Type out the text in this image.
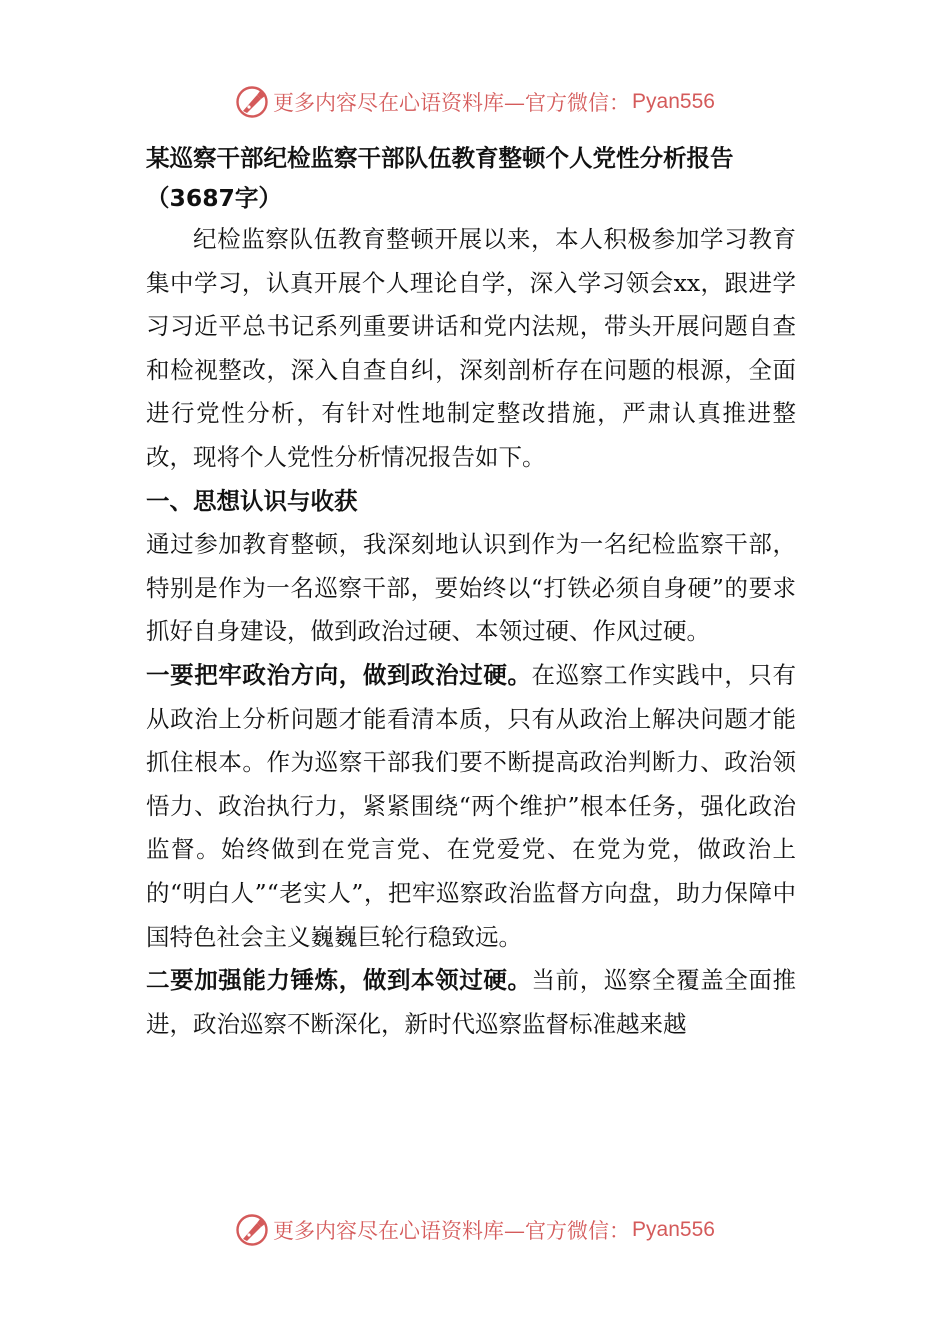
更多内容尽在心语资料库—官方微信： Pyan556
某巡察干部纪检监察干部队伍教育整顿个人党性分析报告
（3687字）

纪检监察队伍教育整顿开展以来，本人积极参加学习教育集中学习，认真开展个人理论自学，深入学习领会xx，跟进学习习近平总书记系列重要讲话和党内法规，带头开展问题自查和检视整改，深入自查自纠，深刻剖析存在问题的根源，全面进行党性分析，有针对性地制定整改措施，严肃认真推进整改，现将个人党性分析情况报告如下。

一、思想认识与收获

通过参加教育整顿，我深刻地认识到作为一名纪检监察干部，特别是作为一名巡察干部，要始终以“打铁必须自身硬”的要求抓好自身建设，做到政治过硬、本领过硬、作风过硬。

一要把牢政治方向，做到政治过硬。在巡察工作实践中，只有从政治上分析问题才能看清本质，只有从政治上解决问题才能抓住根本。作为巡察干部我们要不断提高政治判断力、政治领悟力、政治执行力，紧紧围绕“两个维护”根本任务，强化政治监督。始终做到在党言党、在党爱党、在党为党，做政治上的“明白人”“老实人”，把牢巡察政治监督方向盘，助力保障中国特色社会主义巍巍巨轮行稳致远。

二要加强能力锤炼，做到本领过硬。当前，巡察全覆盖全面推进，政治巡察不断深化，新时代巡察监督标准越来越

更多内容尽在心语资料库—官方微信： Pyan556
